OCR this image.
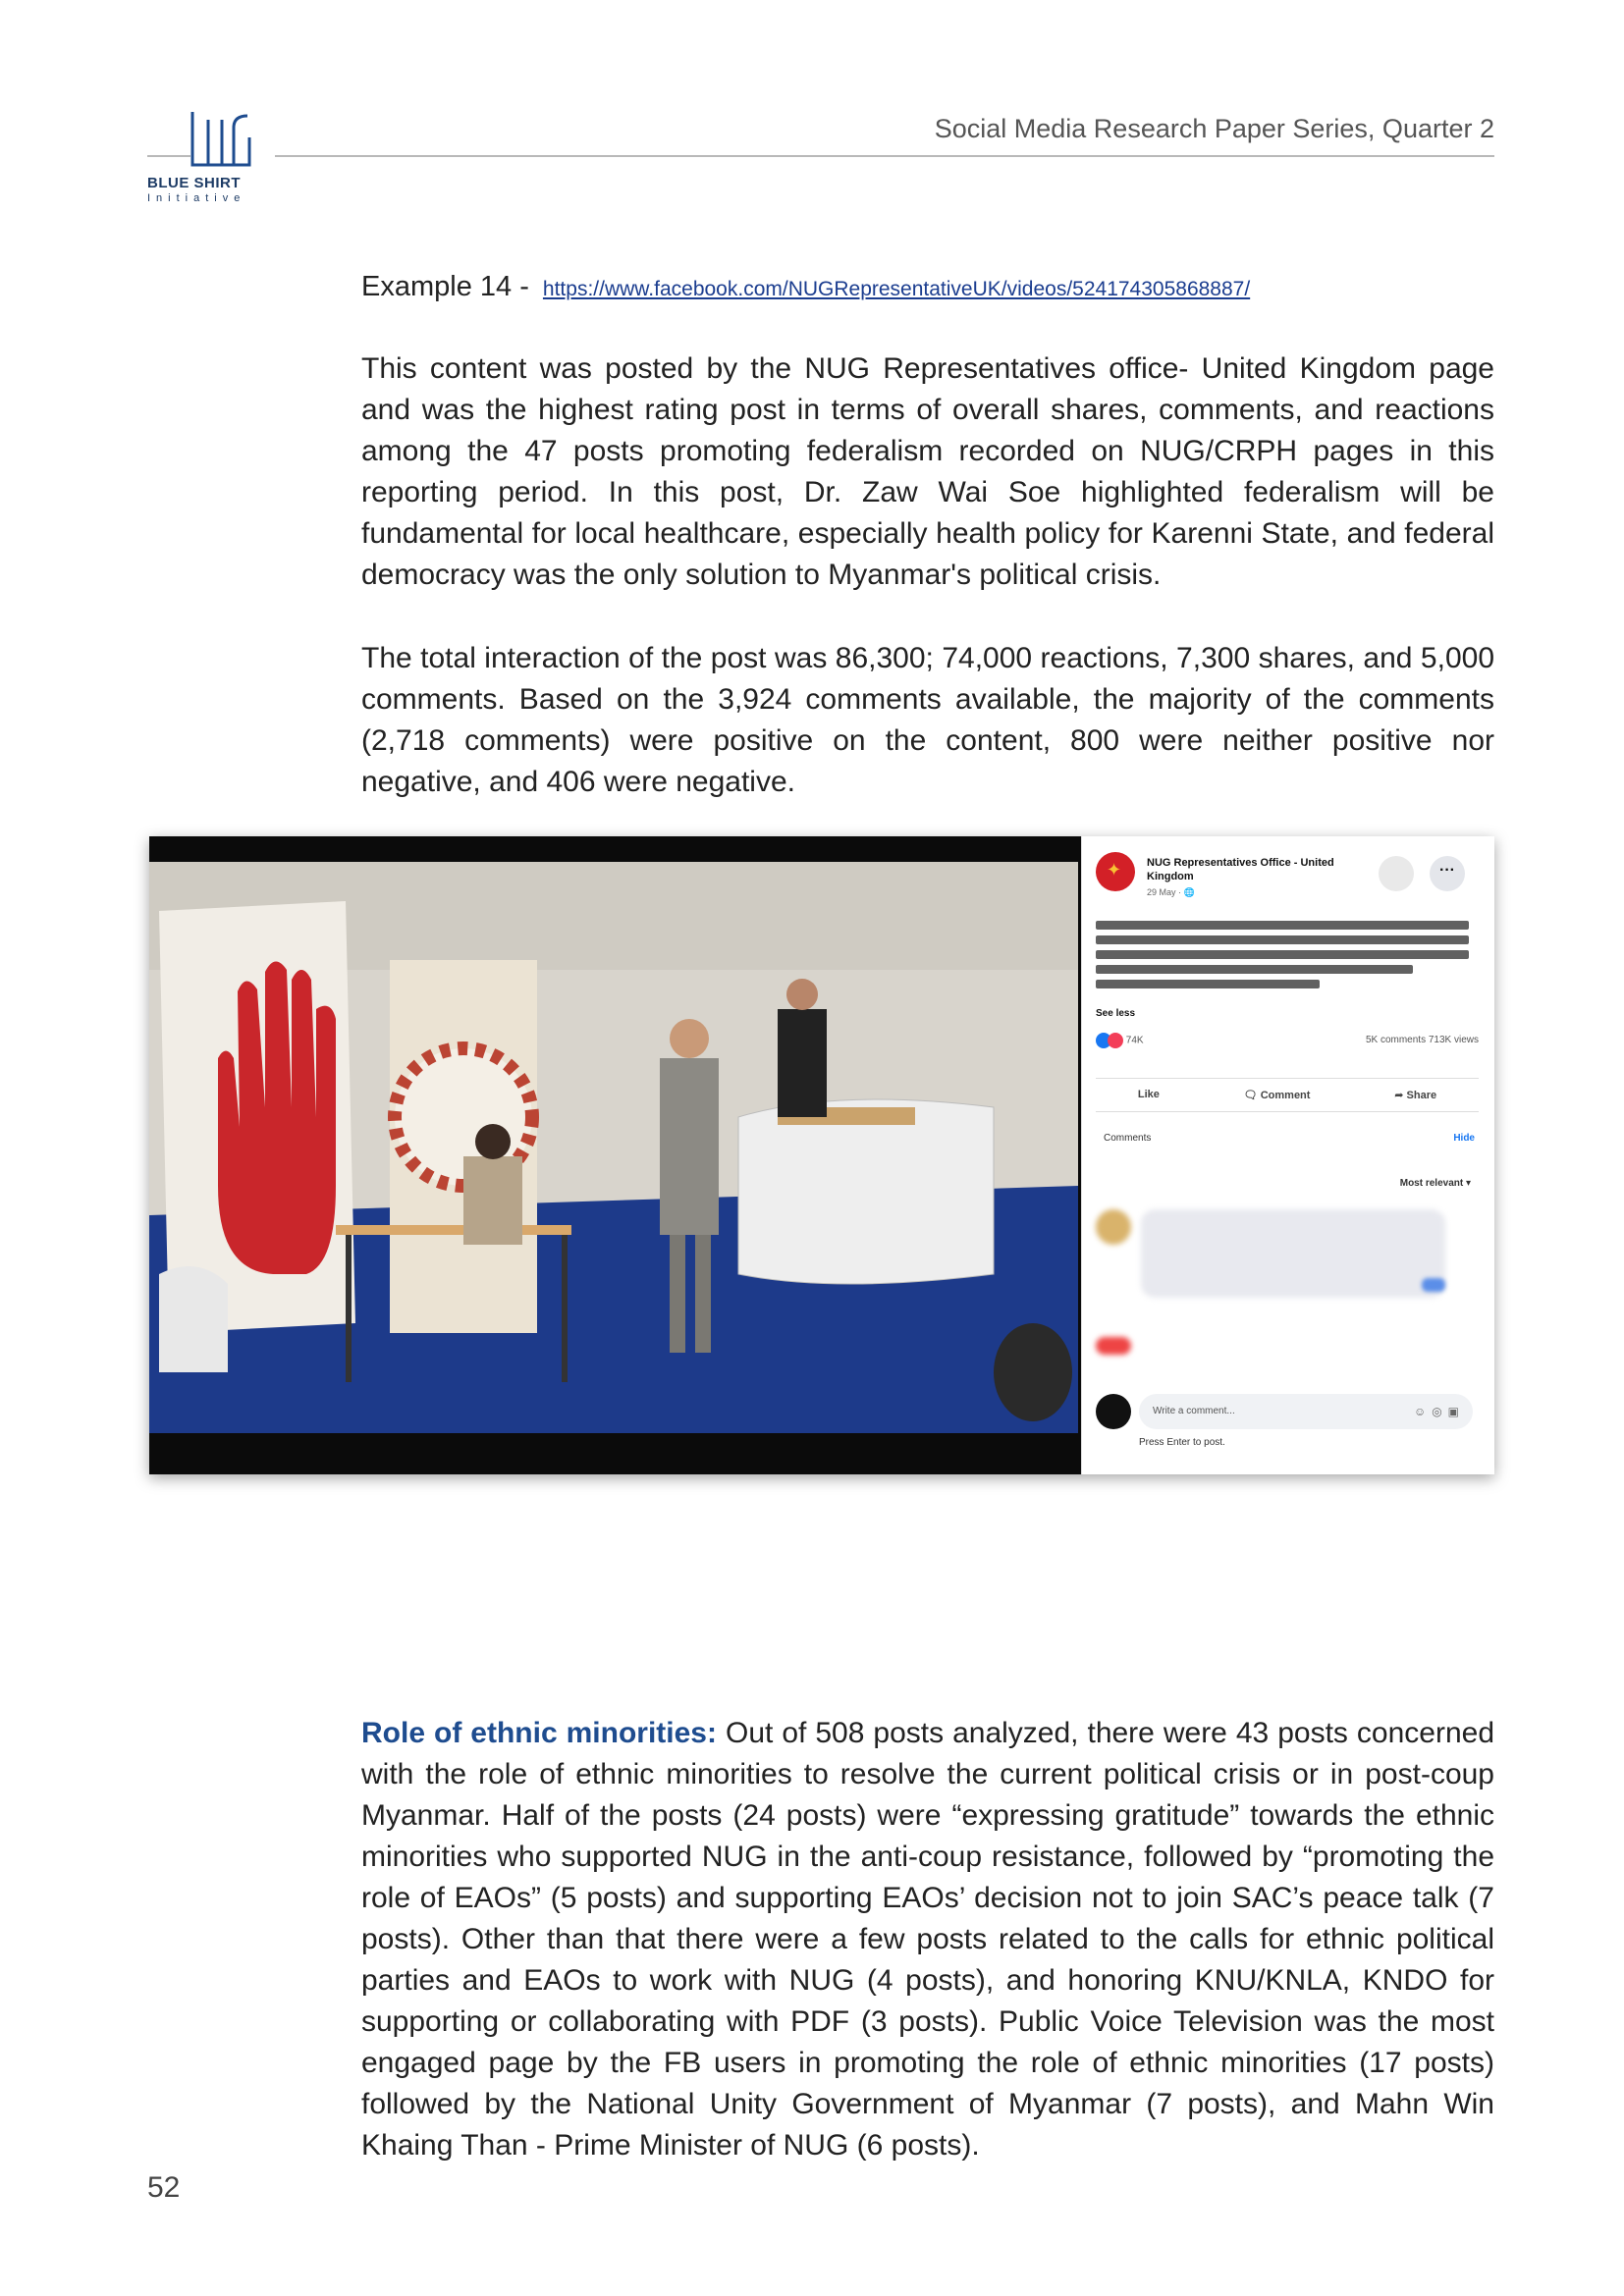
BLUE SHIRT
Initiative
Social Media Research Paper Series, Quarter 2
Example 14 - https://www.facebook.com/NUGRepresentativeUK/videos/524174305868887/

This content was posted by the NUG Representatives office- United Kingdom page and was the highest rating post in terms of overall shares, comments, and reactions among the 47 posts promoting federalism recorded on NUG/CRPH pages in this reporting period. In this post, Dr. Zaw Wai Soe highlighted federalism will be fundamental for local healthcare, especially health policy for Karenni State, and federal democracy was the only solution to Myanmar's political crisis.

The total interaction of the post was 86,300; 74,000 reactions, 7,300 shares, and 5,000 comments. Based on the 3,924 comments available, the majority of the comments (2,718 comments) were positive on the content, 800 were neither positive nor negative, and 406 were negative.

✦
NUG Representatives Office - United Kingdom
29 May · 🌐
···
See less
74K	5K comments 713K views
Like	🗨 Comment	➦ Share
Comments	Hide
Most relevant ▾
Write a comment...	☺◎▣
Press Enter to post.

Role of ethnic minorities: Out of 508 posts analyzed, there were 43 posts concerned with the role of ethnic minorities to resolve the current political crisis or in post-coup Myanmar. Half of the posts (24 posts) were “expressing gratitude” towards the ethnic minorities who supported NUG in the anti-coup resistance, followed by “promoting the role of EAOs” (5 posts) and supporting EAOs’ decision not to join SAC’s peace talk (7 posts). Other than that there were a few posts related to the calls for ethnic political parties and EAOs to work with NUG (4 posts), and honoring KNU/KNLA, KNDO for supporting or collaborating with PDF (3 posts). Public Voice Television was the most engaged page by the FB users in promoting the role of ethnic minorities (17 posts) followed by the National Unity Government of Myanmar (7 posts), and Mahn Win Khaing Than - Prime Minister of NUG (6 posts).

52
